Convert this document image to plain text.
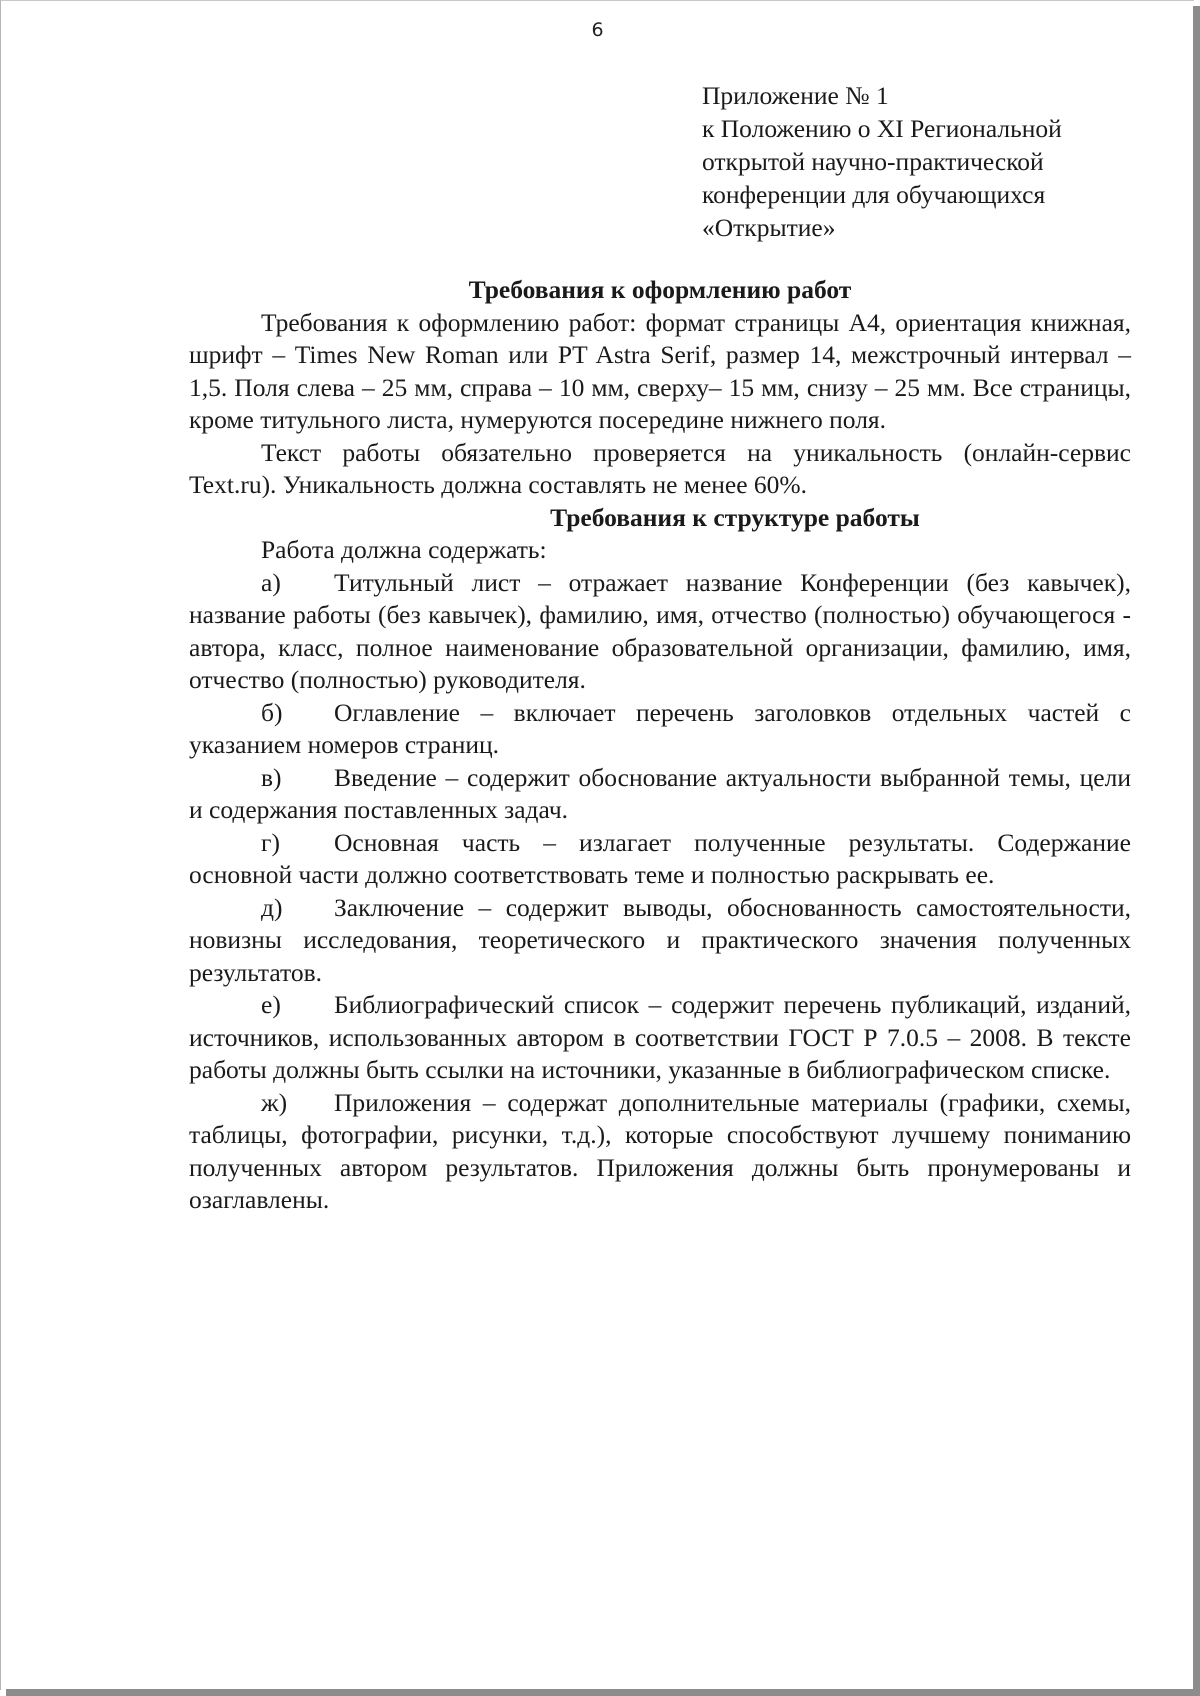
6
Приложение № 1
к Положению о XI Региональной
открытой научно-практической
конференции для обучающихся
«Открытие»

Требования к оформлению работ

Требования к оформлению работ: формат страницы А4, ориентация книжная, шрифт – Times New Roman или PT Astra Serif, размер 14, межстрочный интервал – 1,5. Поля слева – 25 мм, справа – 10 мм, сверху– 15 мм, снизу – 25 мм. Все страницы, кроме титульного листа, нумеруются посередине нижнего поля.

Текст работы обязательно проверяется на уникальность (онлайн-сервис Text.ru). Уникальность должна составлять не менее 60%.

Требования к структуре работы

Работа должна содержать:

а) Титульный лист – отражает название Конференции (без кавычек), название работы (без кавычек), фамилию, имя, отчество (полностью) обучающегося - автора, класс, полное наименование образовательной организации, фамилию, имя, отчество (полностью) руководителя.

б) Оглавление – включает перечень заголовков отдельных частей с указанием номеров страниц.

в) Введение – содержит обоснование актуальности выбранной темы, цели и содержания поставленных задач.

г) Основная часть – излагает полученные результаты. Содержание основной части должно соответствовать теме и полностью раскрывать ее.

д) Заключение – содержит выводы, обоснованность самостоятельности, новизны исследования, теоретического и практического значения полученных результатов.

е) Библиографический список – содержит перечень публикаций, изданий, источников, использованных автором в соответствии ГОСТ Р 7.0.5 – 2008. В тексте работы должны быть ссылки на источники, указанные в библиографическом списке.

ж) Приложения – содержат дополнительные материалы (графики, схемы, таблицы, фотографии, рисунки, т.д.), которые способствуют лучшему пониманию полученных автором результатов. Приложения должны быть пронумерованы и озаглавлены.
